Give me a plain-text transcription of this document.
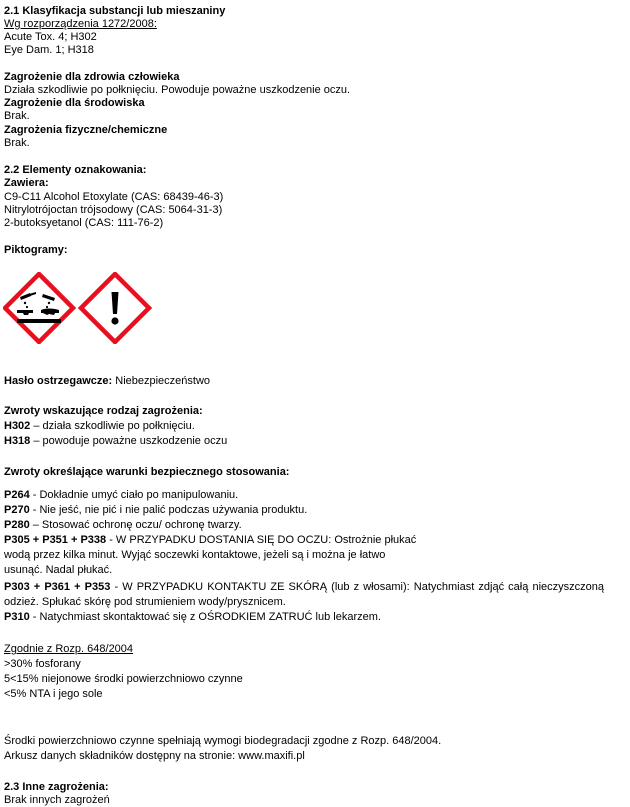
2.1 Klasyfikacja substancji lub mieszaniny
Wg rozporządzenia 1272/2008:
Acute Tox. 4; H302
Eye Dam. 1; H318
Zagrożenie dla zdrowia człowieka
Działa szkodliwie po połknięciu. Powoduje poważne uszkodzenie oczu.
Zagrożenie dla środowiska
Brak.
Zagrożenia fizyczne/chemiczne
Brak.
2.2 Elementy oznakowania:
Zawiera:
C9-C11 Alcohol Etoxylate (CAS: 68439-46-3)
Nitrylotrójoctan trójsodowy (CAS: 5064-31-3)
2-butoksyetanol (CAS: 111-76-2)
Piktogramy:
Hasło ostrzegawcze: Niebezpieczeństwo
Zwroty wskazujące rodzaj zagrożenia:
H302 – działa szkodliwie po połknięciu.
H318 – powoduje poważne uszkodzenie oczu
Zwroty określające warunki bezpiecznego stosowania:
P264 - Dokładnie umyć ciało po manipulowaniu.
P270 - Nie jeść, nie pić i nie palić podczas używania produktu.
P280 – Stosować ochronę oczu/ ochronę twarzy.
P305 + P351 + P338 - W PRZYPADKU DOSTANIA SIĘ DO OCZU: Ostrożnie płukać
wodą przez kilka minut. Wyjąć soczewki kontaktowe, jeżeli są i można je łatwo
usunąć. Nadal płukać.
P303 + P361 + P353 - W PRZYPADKU KONTAKTU ZE SKÓRĄ (lub z włosami): Natychmiast zdjąć całą nieczyszczoną odzież. Spłukać skórę pod strumieniem wody/prysznicem.
P310 - Natychmiast skontaktować się z OŚRODKIEM ZATRUĆ lub lekarzem.
Zgodnie z Rozp. 648/2004
>30% fosforany
5<15% niejonowe środki powierzchniowo czynne
<5% NTA i jego sole
Środki powierzchniowo czynne spełniają wymogi biodegradacji zgodne z Rozp. 648/2004.
Arkusz danych składników dostępny na stronie: www.maxifi.pl
2.3 Inne zagrożenia:
Brak innych zagrożeń
